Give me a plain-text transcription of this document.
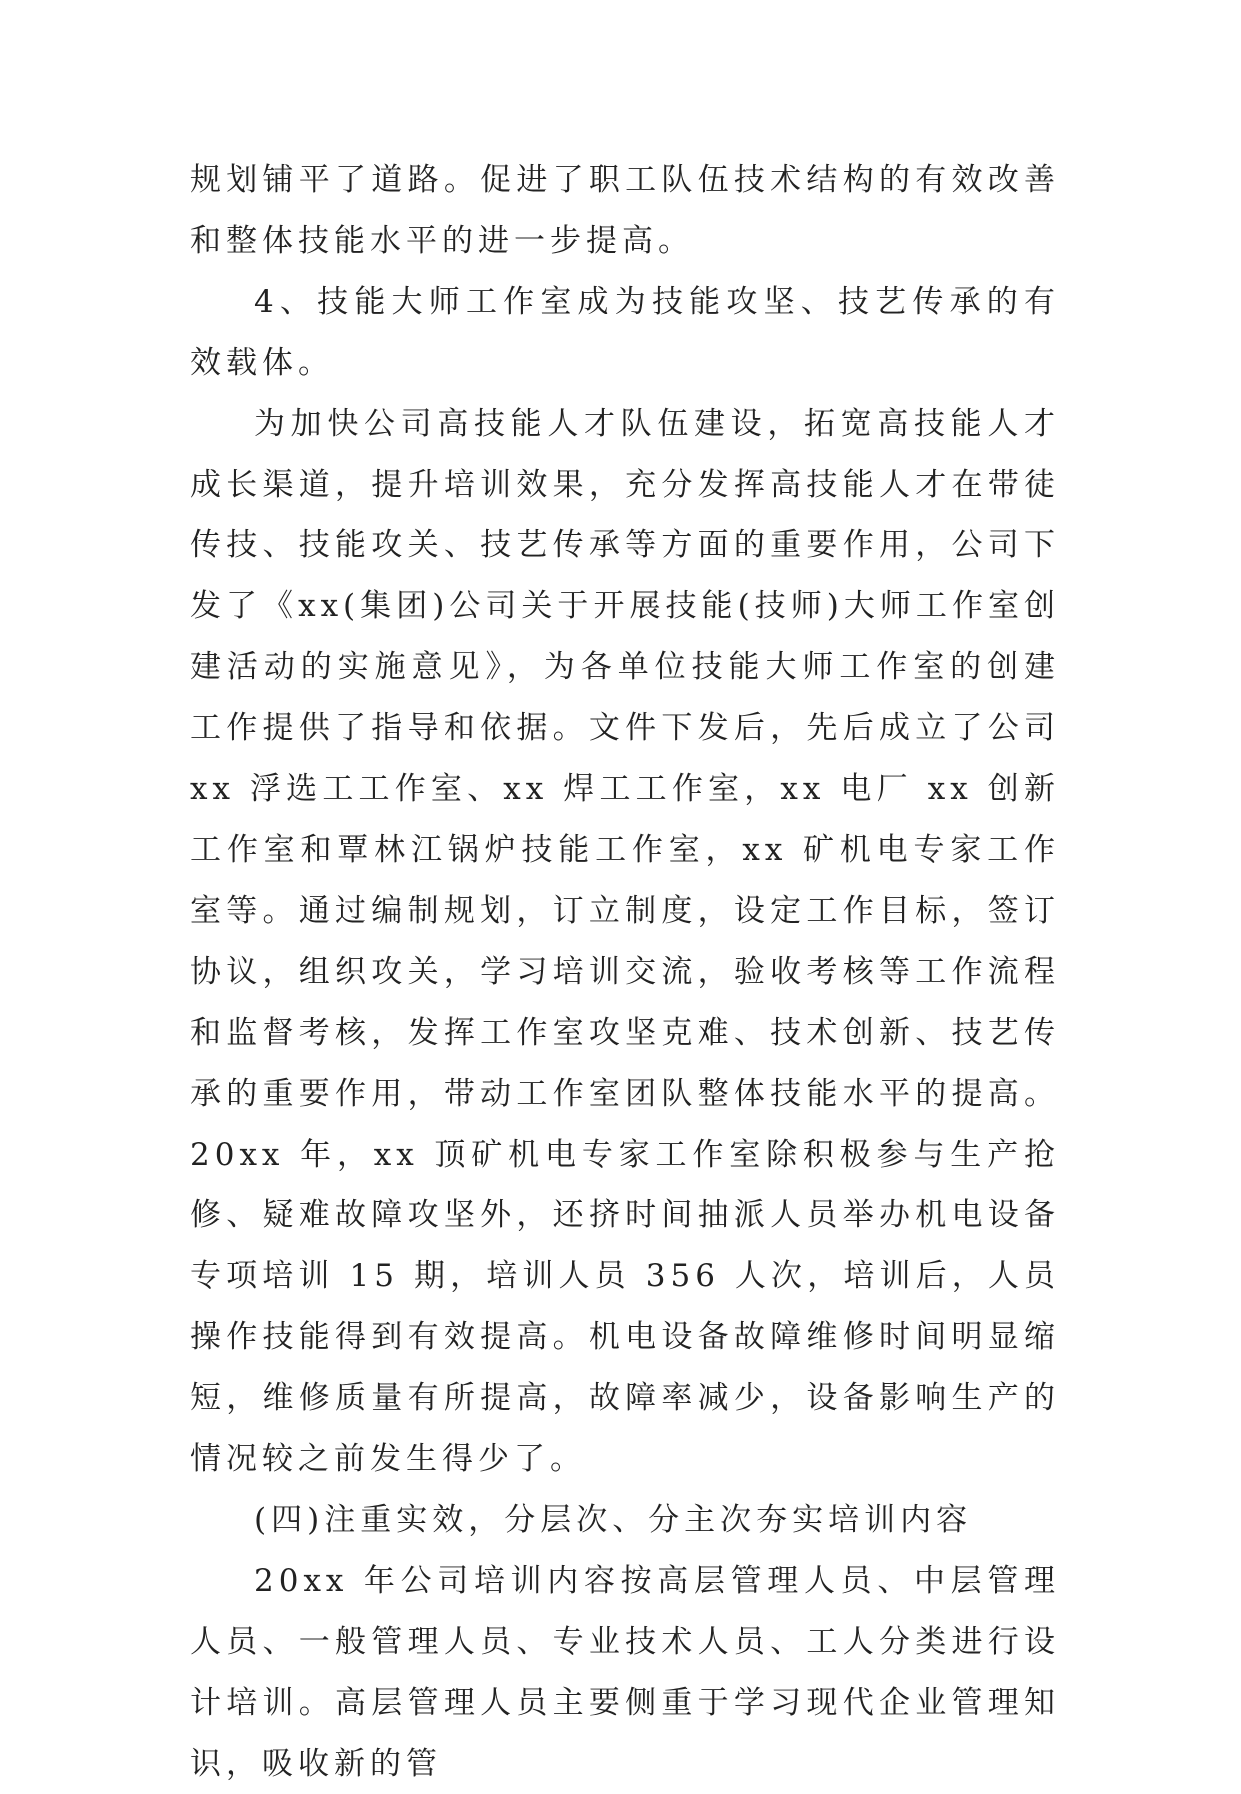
规划铺平了道路。促进了职工队伍技术结构的有效改善和整体技能水平的进一步提高。

4、技能大师工作室成为技能攻坚、技艺传承的有效载体。

为加快公司高技能人才队伍建设，拓宽高技能人才成长渠道，提升培训效果，充分发挥高技能人才在带徒传技、技能攻关、技艺传承等方面的重要作用，公司下发了《xx(集团)公司关于开展技能(技师)大师工作室创建活动的实施意见》，为各单位技能大师工作室的创建工作提供了指导和依据。文件下发后，先后成立了公司 xx 浮选工工作室、xx 焊工工作室，xx 电厂 xx 创新工作室和覃林江锅炉技能工作室，xx 矿机电专家工作室等。通过编制规划，订立制度，设定工作目标，签订协议，组织攻关，学习培训交流，验收考核等工作流程和监督考核，发挥工作室攻坚克难、技术创新、技艺传承的重要作用，带动工作室团队整体技能水平的提高。20xx 年，xx 顶矿机电专家工作室除积极参与生产抢修、疑难故障攻坚外，还挤时间抽派人员举办机电设备专项培训 15 期，培训人员 356 人次，培训后，人员操作技能得到有效提高。机电设备故障维修时间明显缩短，维修质量有所提高，故障率减少，设备影响生产的情况较之前发生得少了。

(四)注重实效，分层次、分主次夯实培训内容

20xx 年公司培训内容按高层管理人员、中层管理人员、一般管理人员、专业技术人员、工人分类进行设计培训。高层管理人员主要侧重于学习现代企业管理知识，吸收新的管
